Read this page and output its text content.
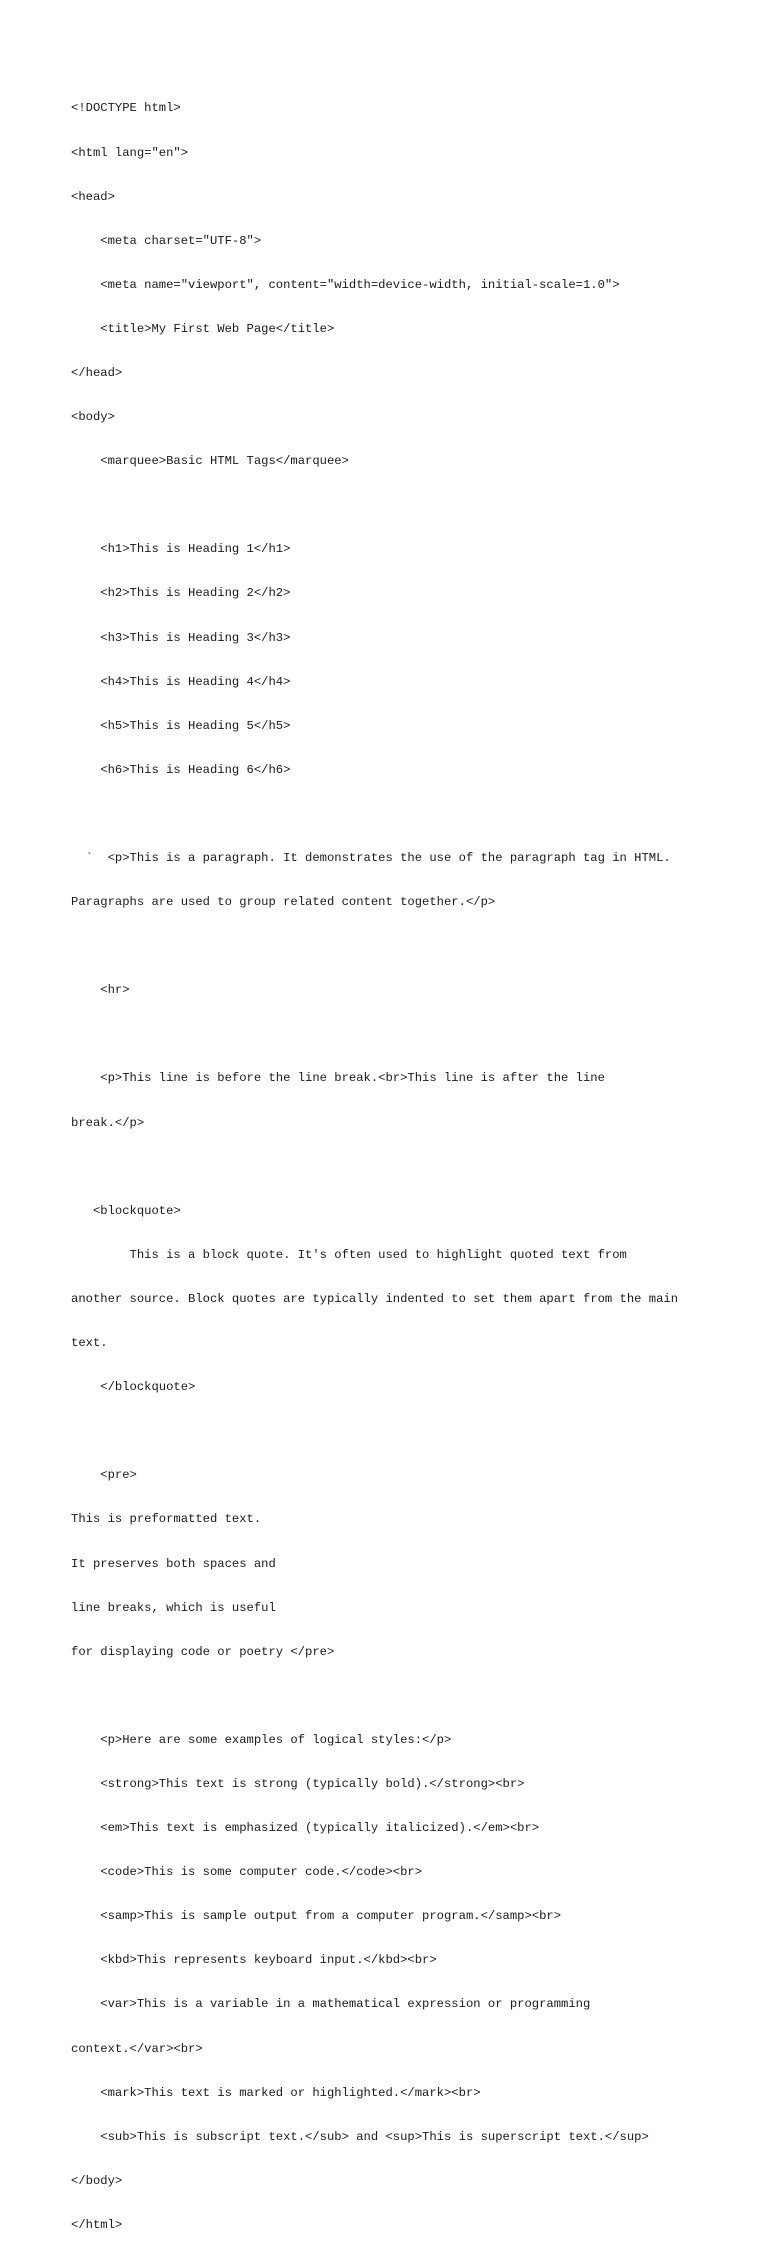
<!DOCTYPE html>

<html lang="en">

<head>

<meta charset="UTF-8">

<meta name="viewport", content="width=device-width, initial-scale=1.0">

<title>My First Web Page</title>

</head>

<body>

<marquee>Basic HTML Tags</marquee>

<h1>This is Heading 1</h1>

<h2>This is Heading 2</h2>

<h3>This is Heading 3</h3>

<h4>This is Heading 4</h4>

<h5>This is Heading 5</h5>

<h6>This is Heading 6</h6>

`  <p>This is a paragraph. It demonstrates the use of the paragraph tag in HTML.

Paragraphs are used to group related content together.</p>

<hr>

<p>This line is before the line break.<br>This line is after the line

break.</p>

<blockquote>

This is a block quote. It's often used to highlight quoted text from

another source. Block quotes are typically indented to set them apart from the main

text.

</blockquote>

<pre>

This is preformatted text.

It preserves both spaces and

line breaks, which is useful

for displaying code or poetry </pre>

<p>Here are some examples of logical styles:</p>

<strong>This text is strong (typically bold).</strong><br>

<em>This text is emphasized (typically italicized).</em><br>

<code>This is some computer code.</code><br>

<samp>This is sample output from a computer program.</samp><br>

<kbd>This represents keyboard input.</kbd><br>

<var>This is a variable in a mathematical expression or programming

context.</var><br>

<mark>This text is marked or highlighted.</mark><br>

<sub>This is subscript text.</sub> and <sup>This is superscript text.</sup>

</body>

</html>
